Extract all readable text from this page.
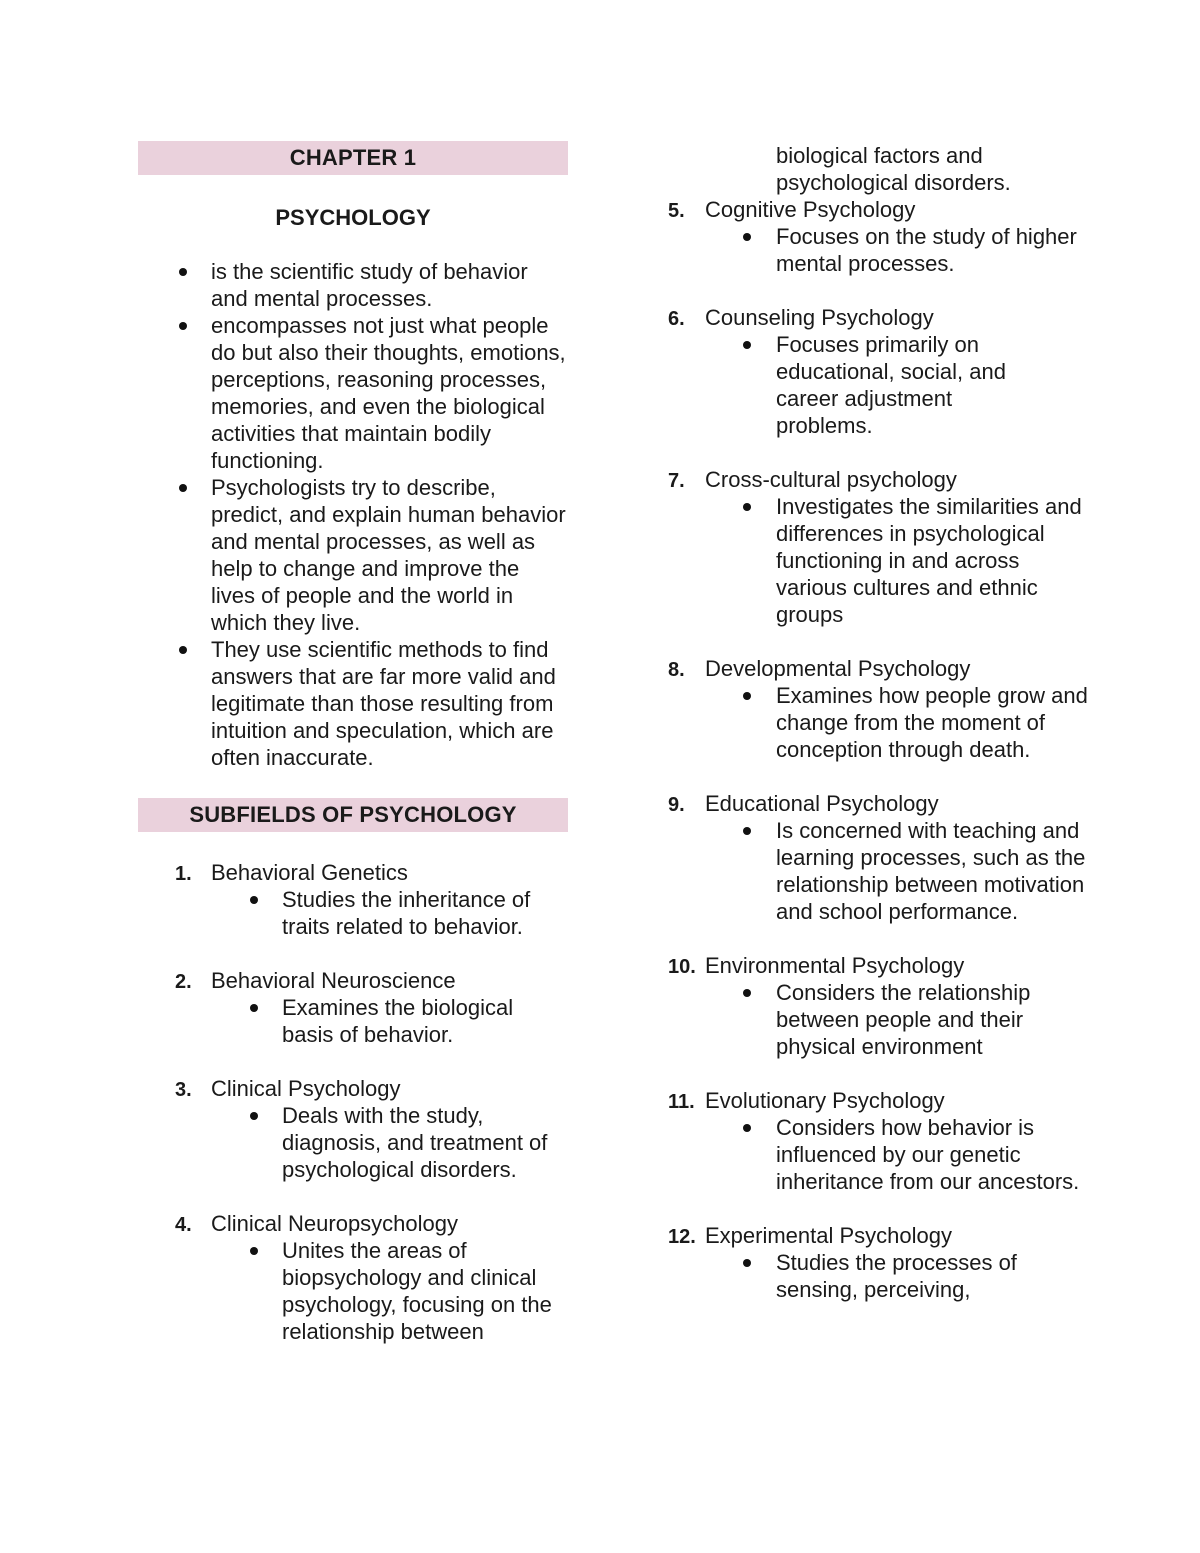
CHAPTER 1
PSYCHOLOGY
is the scientific study of behavior and mental processes.
encompasses not just what people do but also their thoughts, emotions, perceptions, reasoning processes, memories, and even the biological activities that maintain bodily functioning.
Psychologists try to describe, predict, and explain human behavior and mental processes, as well as help to change and improve the lives of people and the world in which they live.
They use scientific methods to find answers that are far more valid and legitimate than those resulting from intuition and speculation, which are often inaccurate.
SUBFIELDS OF PSYCHOLOGY
1. Behavioral Genetics
Studies the inheritance of traits related to behavior.
2. Behavioral Neuroscience
Examines the biological basis of behavior.
3. Clinical Psychology
Deals with the study, diagnosis, and treatment of psychological disorders.
4. Clinical Neuropsychology
Unites the areas of biopsychology and clinical psychology, focusing on the relationship between
biological factors and psychological disorders.
5. Cognitive Psychology
Focuses on the study of higher mental processes.
6. Counseling Psychology
Focuses primarily on educational, social, and career adjustment problems.
7. Cross-cultural psychology
Investigates the similarities and differences in psychological functioning in and across various cultures and ethnic groups
8. Developmental Psychology
Examines how people grow and change from the moment of conception through death.
9. Educational Psychology
Is concerned with teaching and learning processes, such as the relationship between motivation and school performance.
10. Environmental Psychology
Considers the relationship between people and their physical environment
11. Evolutionary Psychology
Considers how behavior is influenced by our genetic inheritance from our ancestors.
12. Experimental Psychology
Studies the processes of sensing, perceiving,
